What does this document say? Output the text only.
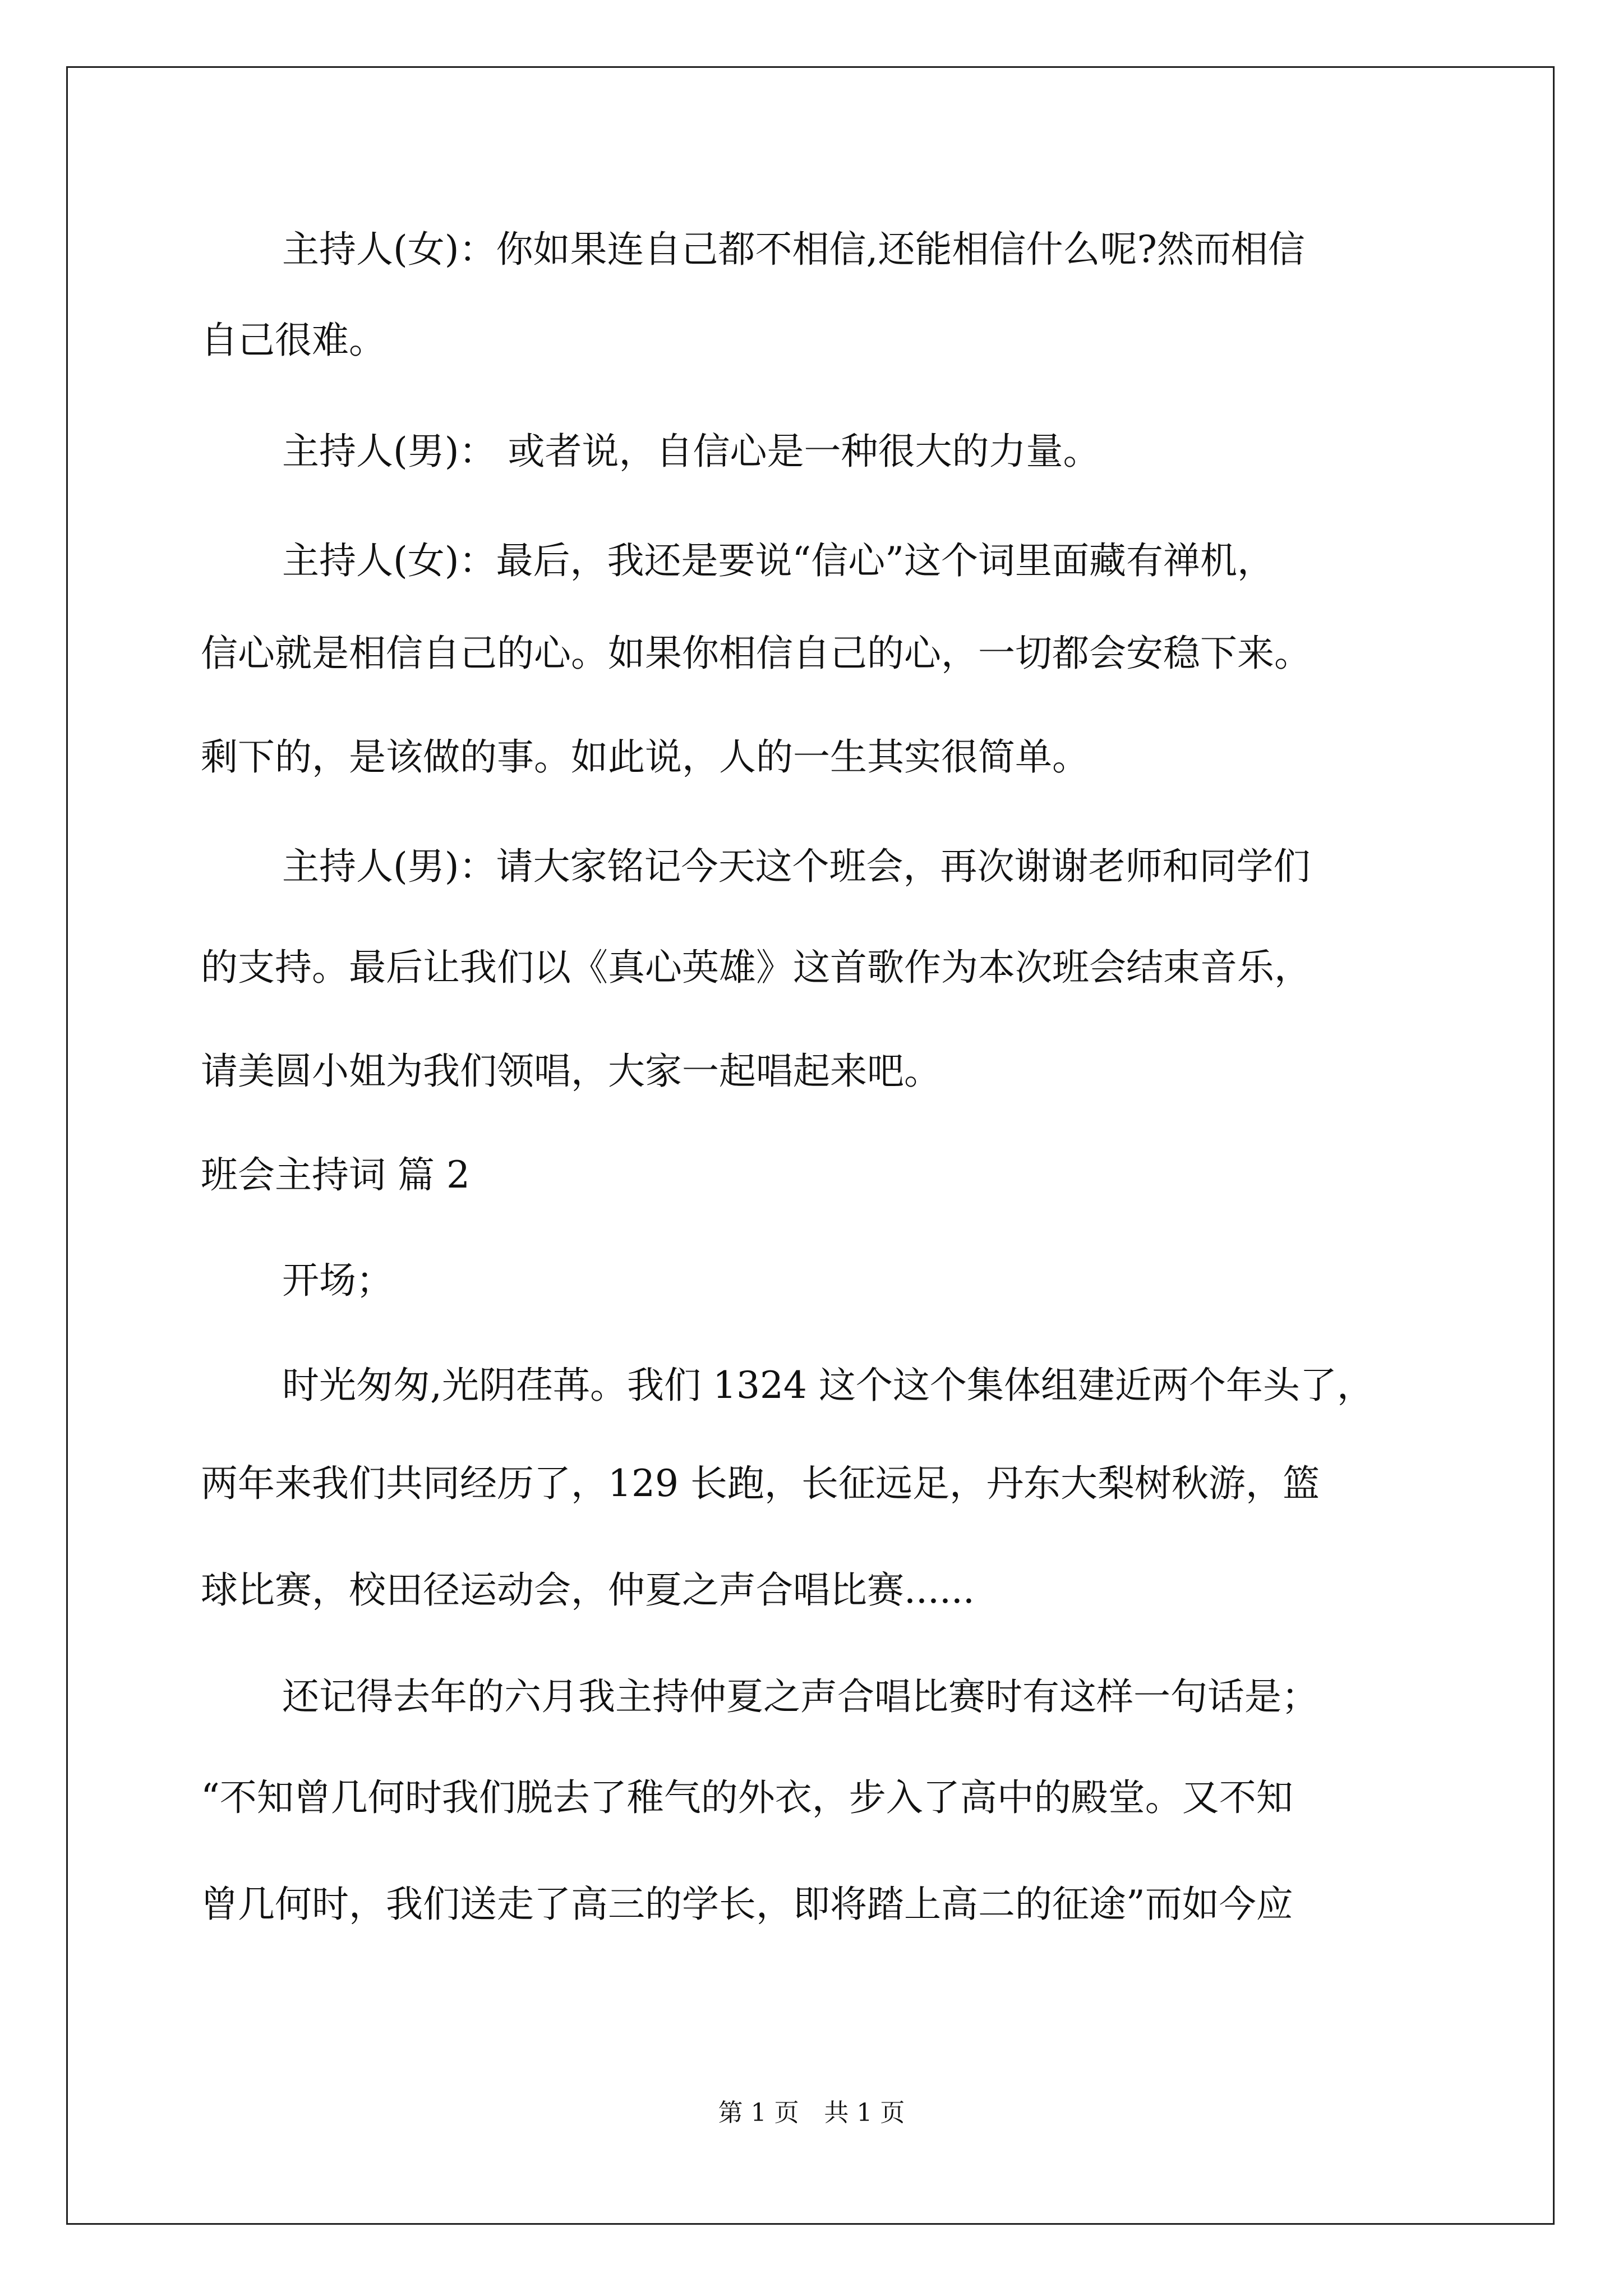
主持人(女)：你如果连自己都不相信,还能相信什么呢?然而相信

自己很难。

主持人(男)： 或者说，自信心是一种很大的力量。

主持人(女)：最后，我还是要说“信心”这个词里面藏有禅机，

信心就是相信自己的心。如果你相信自己的心，一切都会安稳下来。

剩下的，是该做的事。如此说，人的一生其实很简单。

主持人(男)：请大家铭记今天这个班会，再次谢谢老师和同学们

的支持。最后让我们以《真心英雄》这首歌作为本次班会结束音乐，

请美圆小姐为我们领唱，大家一起唱起来吧。

班会主持词 篇 2

开场；

时光匆匆,光阴荏苒。我们 1324 这个这个集体组建近两个年头了，

两年来我们共同经历了，129 长跑，长征远足，丹东大梨树秋游，篮

球比赛，校田径运动会，仲夏之声合唱比赛......

还记得去年的六月我主持仲夏之声合唱比赛时有这样一句话是；

“不知曾几何时我们脱去了稚气的外衣，步入了高中的殿堂。又不知

曾几何时，我们送走了高三的学长，即将踏上高二的征途”而如今应

第 1 页 共 1 页
